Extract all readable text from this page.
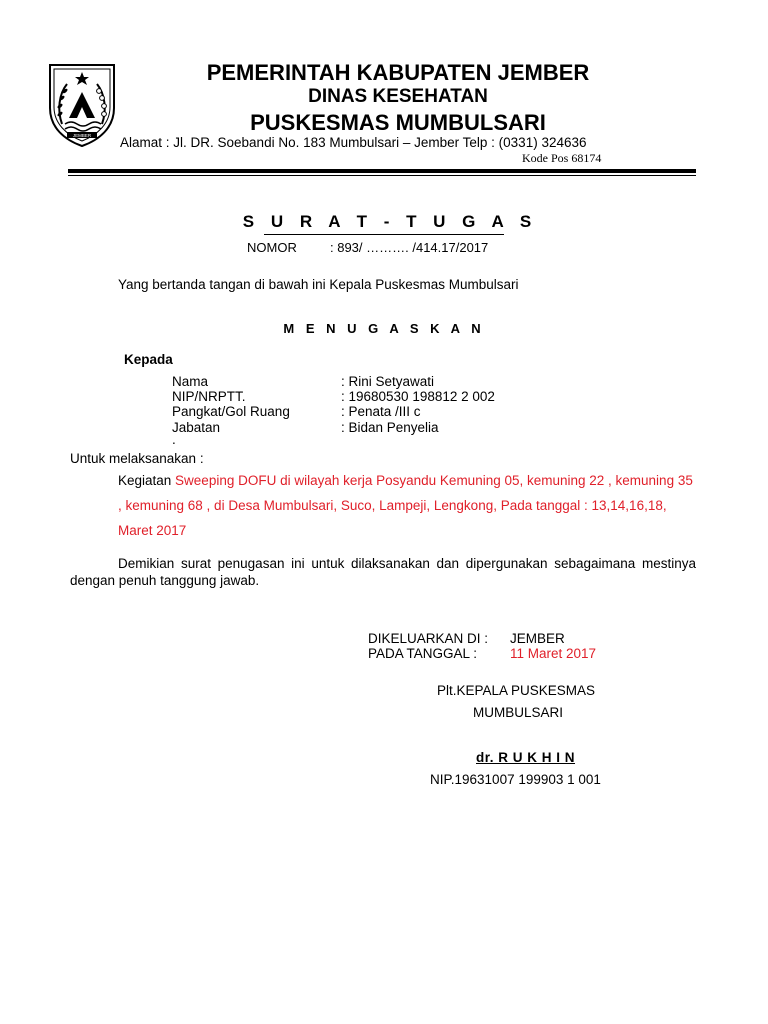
JEMBER
PEMERINTAH KABUPATEN JEMBER
DINAS KESEHATAN
PUSKESMAS MUMBULSARI
Alamat : Jl. DR. Soebandi No. 183 Mumbulsari – Jember Telp : (0331) 324636
Kode Pos 68174
S U R A T - T U G A S
NOMOR	: 893/ ………. /414.17/2017
Yang bertanda tangan di bawah ini Kepala Puskesmas Mumbulsari
M E N U G A S K A N
Kepada
Nama	: Rini Setyawati
NIP/NRPTT.	: 19680530 198812 2 002
Pangkat/Gol Ruang	: Penata /III c
Jabatan	: Bidan Penyelia
.
Untuk melaksanakan :
Kegiatan Sweeping DOFU di wilayah kerja Posyandu Kemuning 05, kemuning 22 , kemuning 35 , kemuning 68 , di Desa Mumbulsari, Suco, Lampeji, Lengkong, Pada tanggal : 13,14,16,18, Maret 2017
Demikian surat penugasan ini untuk dilaksanakan dan dipergunakan sebagaimana mestinya dengan penuh tanggung jawab.
DIKELUARKAN DI : JEMBER
PADA TANGGAL : 11 Maret 2017
Plt.KEPALA PUSKESMAS
MUMBULSARI
dr. R U K H I N
NIP.19631007 199903 1 001
